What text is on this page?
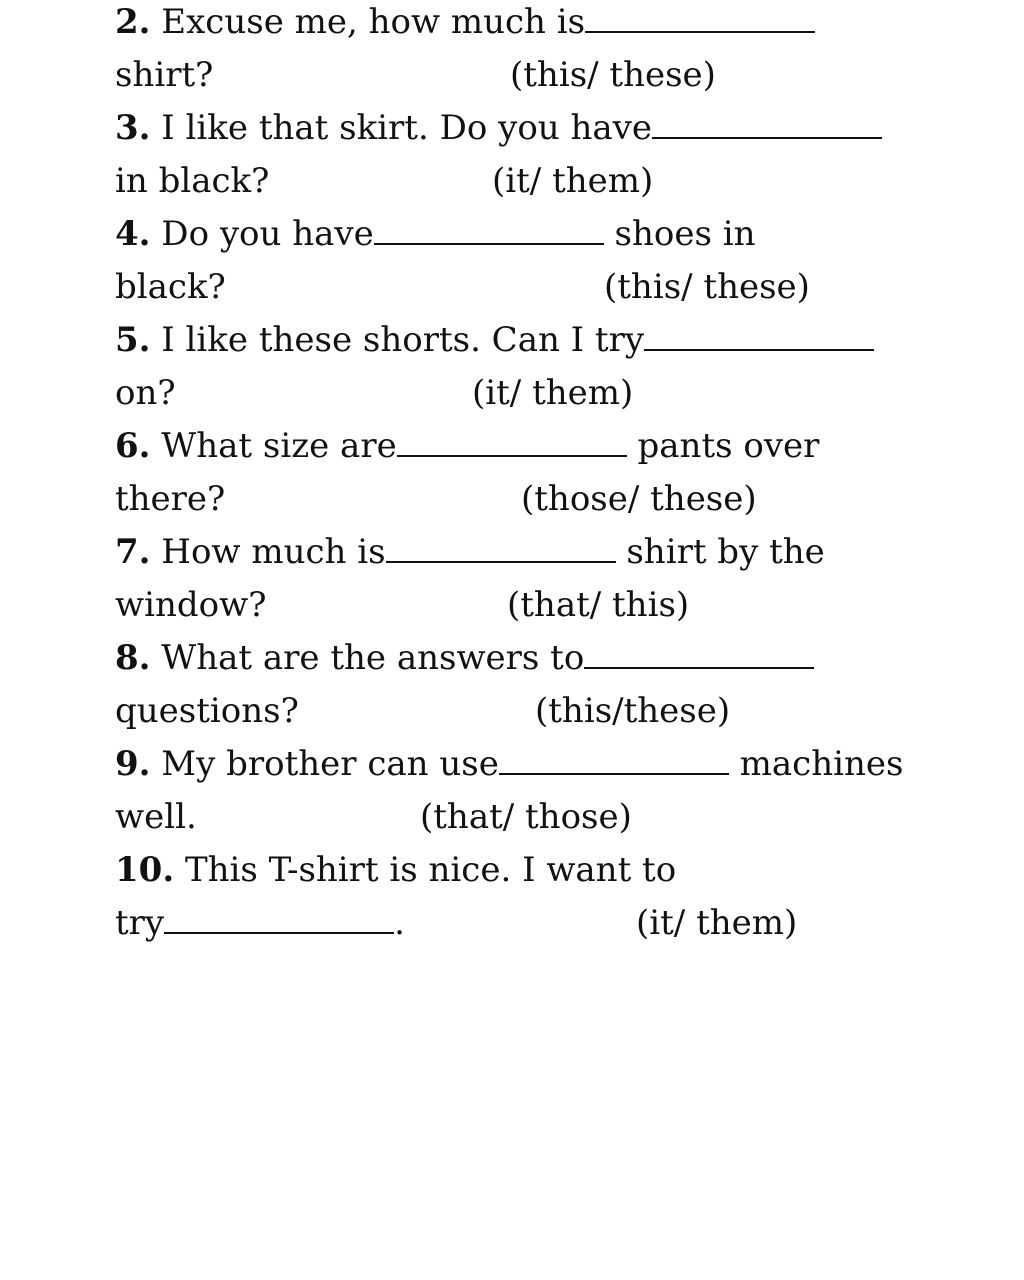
2. Excuse me, how much is
shirt?	(this/ these)
3. I like that skirt. Do you have
in black?	(it/ them)
4. Do you have	shoes in
black?	(this/ these)
5. I like these shorts. Can I try
on?	(it/ them)
6. What size are	pants over
there?	(those/ these)
7. How much is	shirt by the
window?	(that/ this)
8. What are the answers to
questions?	(this/these)
9. My brother can use	machines
well.	(that/ those)
10. This T-shirt is nice. I want to
try	.	(it/ them)
